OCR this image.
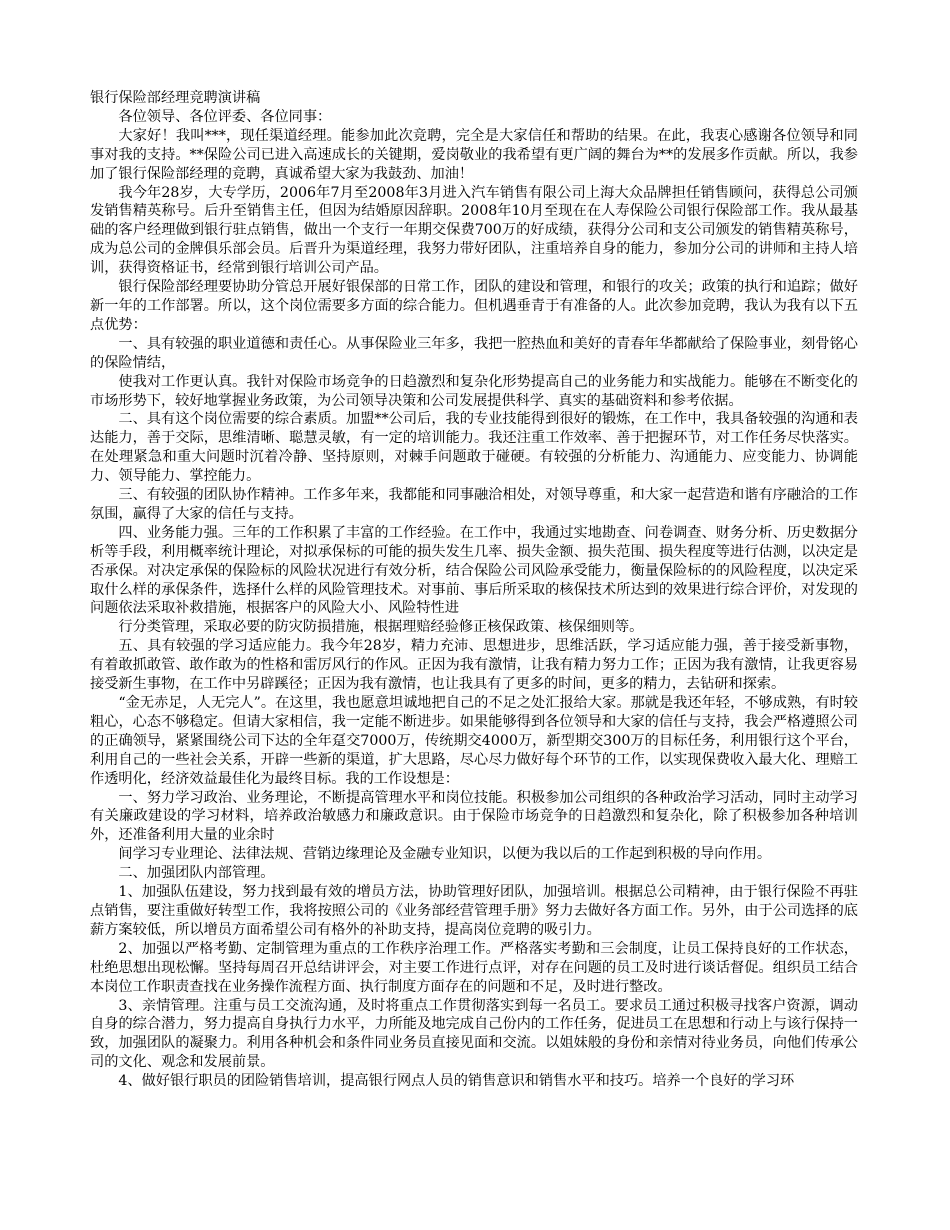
银行保险部经理竞聘演讲稿

各位领导、各位评委、各位同事：

大家好！我叫***，现任渠道经理。能参加此次竞聘，完全是大家信任和帮助的结果。在此，我衷心感谢各位领导和同事对我的支持。**保险公司已进入高速成长的关键期，爱岗敬业的我希望有更广阔的舞台为**的发展多作贡献。所以，我参加了银行保险部经理的竞聘，真诚希望大家为我鼓劲、加油！

我今年28岁，大专学历，2006年7月至2008年3月进入汽车销售有限公司上海大众品牌担任销售顾问，获得总公司颁发销售精英称号。后升至销售主任，但因为结婚原因辞职。2008年10月至现在在人寿保险公司银行保险部工作。我从最基础的客户经理做到银行驻点销售，做出一个支行一年期交保费700万的好成绩，获得分公司和支公司颁发的销售精英称号，成为总公司的金牌俱乐部会员。后晋升为渠道经理，我努力带好团队，注重培养自身的能力，参加分公司的讲师和主持人培训，获得资格证书，经常到银行培训公司产品。

银行保险部经理要协助分管总开展好银保部的日常工作，团队的建设和管理，和银行的攻关；政策的执行和追踪；做好新一年的工作部署。所以，这个岗位需要多方面的综合能力。但机遇垂青于有准备的人。此次参加竞聘，我认为我有以下五点优势：

一、具有较强的职业道德和责任心。从事保险业三年多，我把一腔热血和美好的青春年华都献给了保险事业，刻骨铭心的保险情结，

使我对工作更认真。我针对保险市场竞争的日趋激烈和复杂化形势提高自己的业务能力和实战能力。能够在不断变化的市场形势下，较好地掌握业务政策，为公司领导决策和公司发展提供科学、真实的基础资料和参考依据。

二、具有这个岗位需要的综合素质。加盟**公司后，我的专业技能得到很好的锻炼，在工作中，我具备较强的沟通和表达能力，善于交际，思维清晰、聪慧灵敏，有一定的培训能力。我还注重工作效率、善于把握环节，对工作任务尽快落实。在处理紧急和重大问题时沉着冷静、坚持原则，对棘手问题敢于碰硬。有较强的分析能力、沟通能力、应变能力、协调能力、领导能力、掌控能力。

三、有较强的团队协作精神。工作多年来，我都能和同事融洽相处，对领导尊重，和大家一起营造和谐有序融洽的工作氛围，赢得了大家的信任与支持。

四、业务能力强。三年的工作积累了丰富的工作经验。在工作中，我通过实地勘查、问卷调查、财务分析、历史数据分析等手段，利用概率统计理论，对拟承保标的可能的损失发生几率、损失金额、损失范围、损失程度等进行估测，以决定是否承保。对决定承保的保险标的风险状况进行有效分析，结合保险公司风险承受能力，衡量保险标的的风险程度，以决定采取什么样的承保条件，选择什么样的风险管理技术。对事前、事后所采取的核保技术所达到的效果进行综合评价，对发现的问题依法采取补救措施，根据客户的风险大小、风险特性进

行分类管理，采取必要的防灾防损措施，根据理赔经验修正核保政策、核保细则等。

五、具有较强的学习适应能力。我今年28岁，精力充沛、思想进步，思维活跃，学习适应能力强，善于接受新事物，有着敢抓敢管、敢作敢为的性格和雷厉风行的作风。正因为我有激情，让我有精力努力工作；正因为我有激情，让我更容易接受新生事物，在工作中另辟蹊径；正因为我有激情，也让我具有了更多的时间，更多的精力，去钻研和探索。

“金无赤足，人无完人”。在这里，我也愿意坦诚地把自己的不足之处汇报给大家。那就是我还年轻，不够成熟，有时较粗心，心态不够稳定。但请大家相信，我一定能不断进步。如果能够得到各位领导和大家的信任与支持，我会严格遵照公司的正确领导，紧紧围绕公司下达的全年趸交7000万，传统期交4000万，新型期交300万的目标任务，利用银行这个平台，利用自己的一些社会关系，开辟一些新的渠道，扩大思路，尽心尽力做好每个环节的工作，以实现保费收入最大化、理赔工作透明化，经济效益最佳化为最终目标。我的工作设想是：

一、努力学习政治、业务理论，不断提高管理水平和岗位技能。积极参加公司组织的各种政治学习活动，同时主动学习有关廉政建设的学习材料，培养政治敏感力和廉政意识。由于保险市场竞争的日趋激烈和复杂化，除了积极参加各种培训外，还准备利用大量的业余时

间学习专业理论、法律法规、营销边缘理论及金融专业知识，以便为我以后的工作起到积极的导向作用。

二、加强团队内部管理。

1、加强队伍建设，努力找到最有效的增员方法，协助管理好团队，加强培训。根据总公司精神，由于银行保险不再驻点销售，要注重做好转型工作，我将按照公司的《业务部经营管理手册》努力去做好各方面工作。另外，由于公司选择的底薪方案较低，所以增员方面希望公司有格外的补助支持，提高岗位竞聘的吸引力。

2、加强以严格考勤、定制管理为重点的工作秩序治理工作。严格落实考勤和三会制度，让员工保持良好的工作状态，杜绝思想出现松懈。坚持每周召开总结讲评会，对主要工作进行点评，对存在问题的员工及时进行谈话督促。组织员工结合本岗位工作职责查找在业务操作流程方面、执行制度方面存在的问题和不足，及时进行整改。

3、亲情管理。注重与员工交流沟通，及时将重点工作贯彻落实到每一名员工。要求员工通过积极寻找客户资源，调动自身的综合潜力，努力提高自身执行力水平，力所能及地完成自己份内的工作任务，促进员工在思想和行动上与该行保持一致，加强团队的凝聚力。利用各种机会和条件同业务员直接见面和交流。以姐妹般的身份和亲情对待业务员，向他们传承公司的文化、观念和发展前景。

4、做好银行职员的团险销售培训，提高银行网点人员的销售意识和销售水平和技巧。培养一个良好的学习环
